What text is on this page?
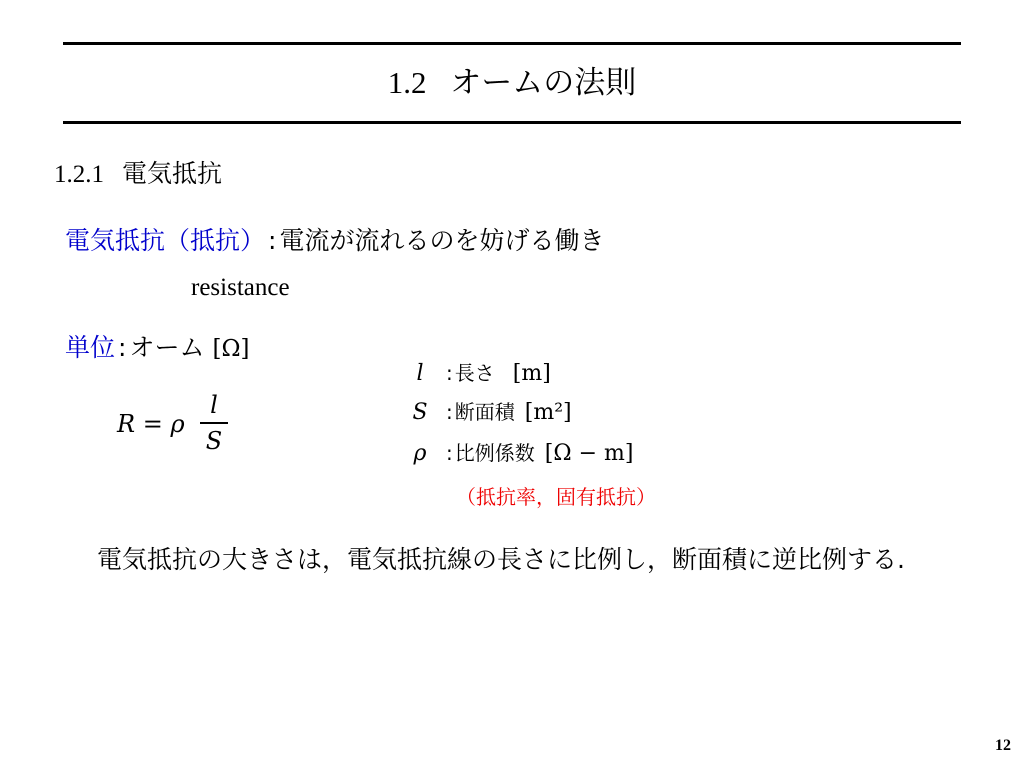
1.2 オームの法則
1.2.1 電気抵抗
電気抵抗（抵抗） : 電流が流れるのを妨げる働き
resistance
単位 : オーム [Ω]
R = ρ
l
S
l : 長さ [m]
S : 断面積 [m²]
ρ : 比例係数 [Ω − m]
（抵抗率，固有抵抗）
電気抵抗の大きさは，電気抵抗線の長さに比例し，断面積に逆比例する.
12
